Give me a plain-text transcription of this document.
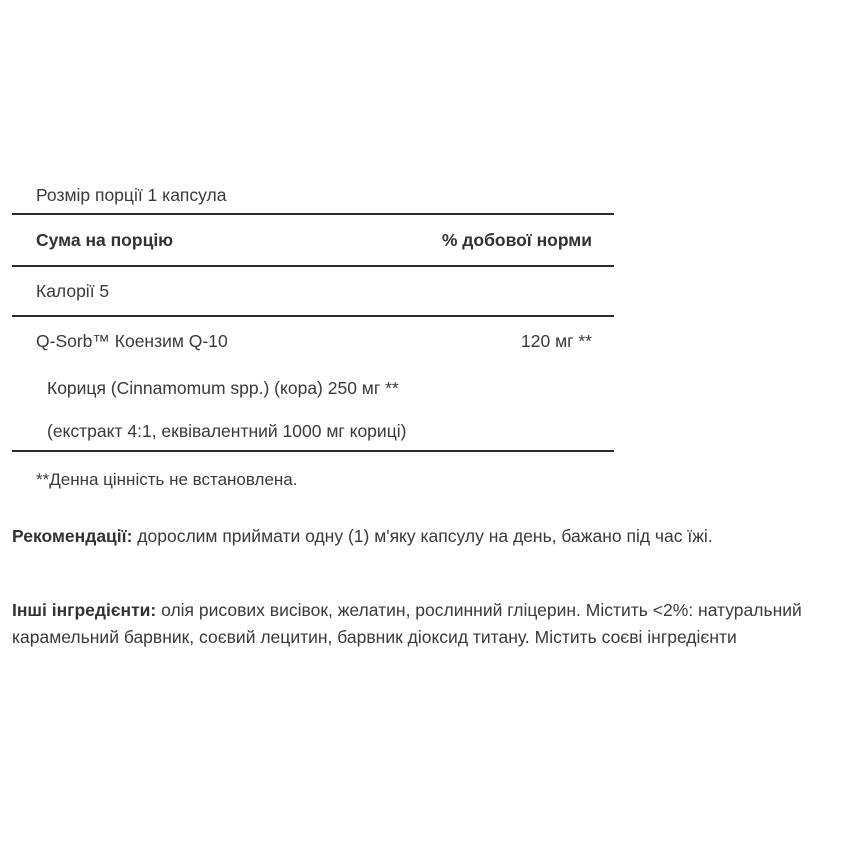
Розмір порції 1 капсула
Сума на порцію	% добової норми
Калорії 5
Q-Sorb™ Коензим Q-10	120 мг **
Кориця (Cinnamomum spp.) (кора) 250 мг **
(екстракт 4:1, еквівалентний 1000 мг кориці)
**Денна цінність не встановлена.
Рекомендації: дорослим приймати одну (1) м'яку капсулу на день, бажано під час їжі.
Інші інгредієнти: олія рисових висівок, желатин, рослинний гліцерин. Містить <2%: натуральний карамельний барвник, соєвий лецитин, барвник діоксид титану. Містить соєві інгредієнти
